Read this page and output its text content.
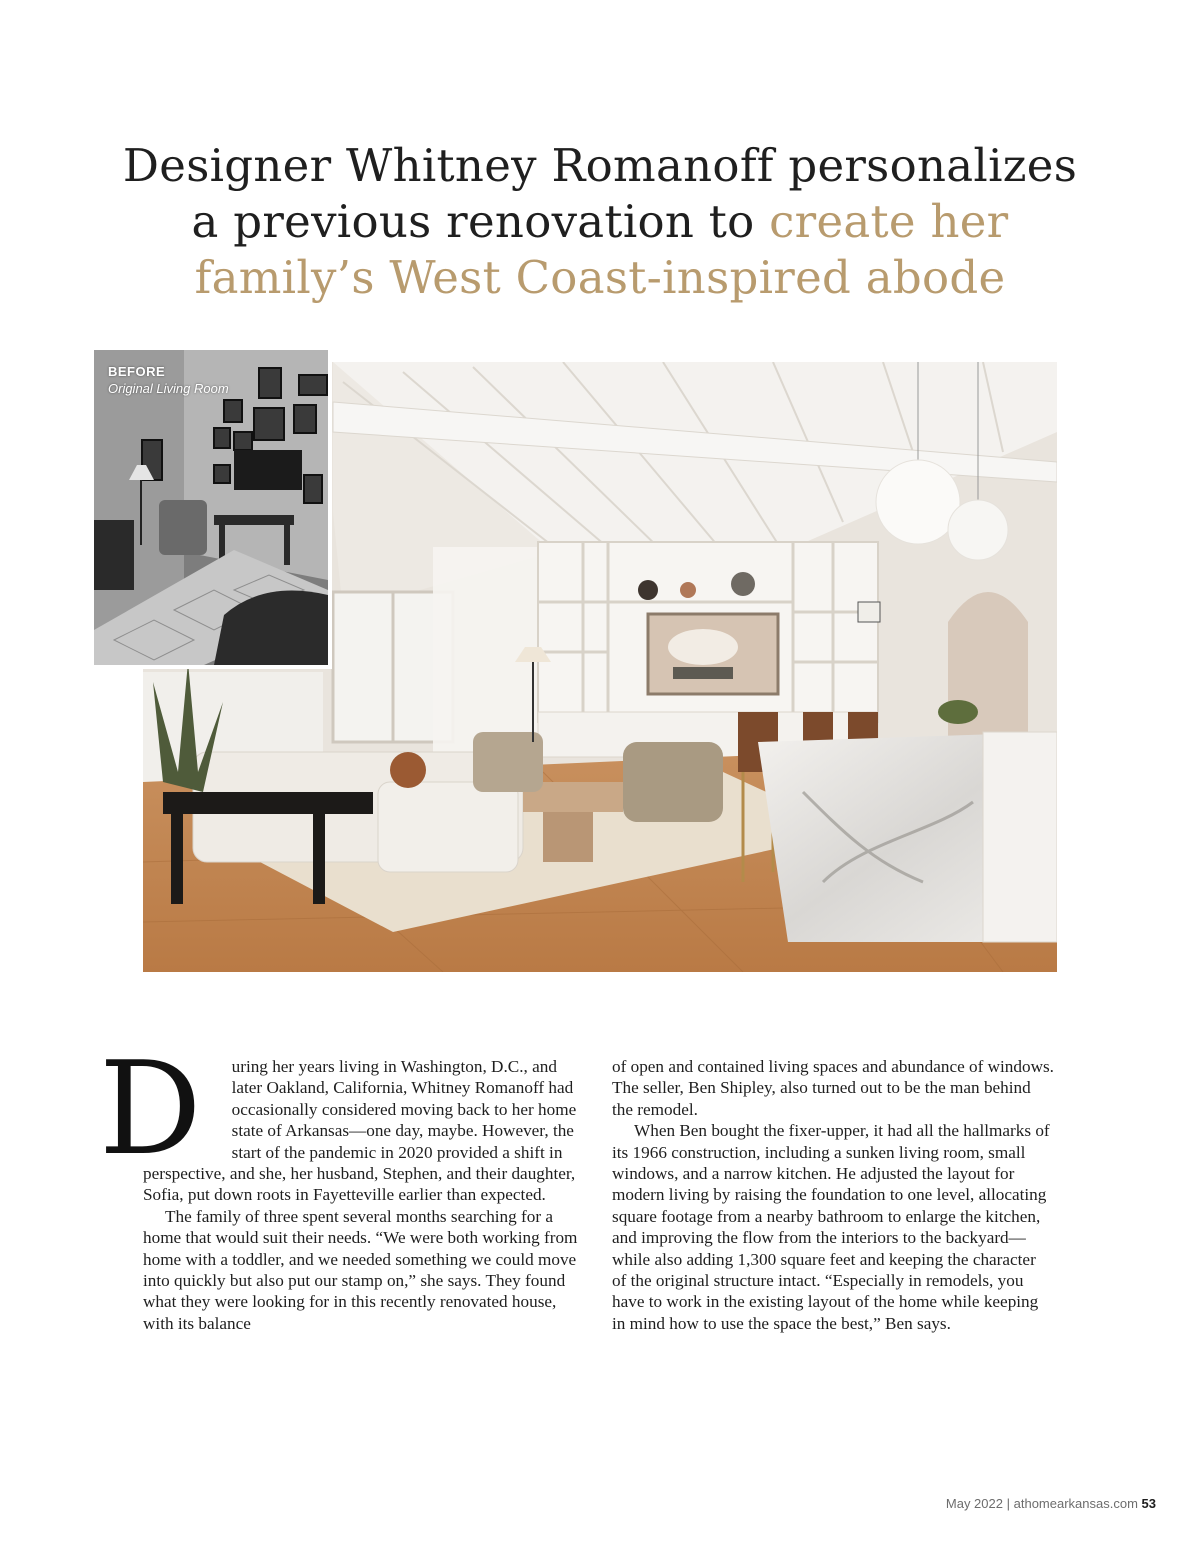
Designer Whitney Romanoff personalizes
a previous renovation to create her
family’s West Coast-inspired abode
BEFORE
Original Living Room

D uring her years living in Washington, D.C., and later Oakland, California, Whitney Romanoff had occasionally considered moving back to her home state of Arkansas—one day, maybe. However, the start of the pandemic in 2020 provided a shift in perspective, and she, her husband, Stephen, and their daughter, Sofia, put down roots in Fayetteville earlier than expected.

The family of three spent several months searching for a home that would suit their needs. “We were both working from home with a toddler, and we needed something we could move into quickly but also put our stamp on,” she says. They found what they were looking for in this recently renovated house, with its balance

of open and contained living spaces and abundance of windows. The seller, Ben Shipley, also turned out to be the man behind the remodel.

When Ben bought the fixer-upper, it had all the hallmarks of its 1966 construction, including a sunken living room, small windows, and a narrow kitchen. He adjusted the layout for modern living by raising the foundation to one level, allocating square footage from a nearby bathroom to enlarge the kitchen, and improving the flow from the interiors to the backyard—while also adding 1,300 square feet and keeping the character of the original structure intact. “Especially in remodels, you have to work in the existing layout of the home while keeping in mind how to use the space the best,” Ben says.

May 2022 | athomearkansas.com 53
